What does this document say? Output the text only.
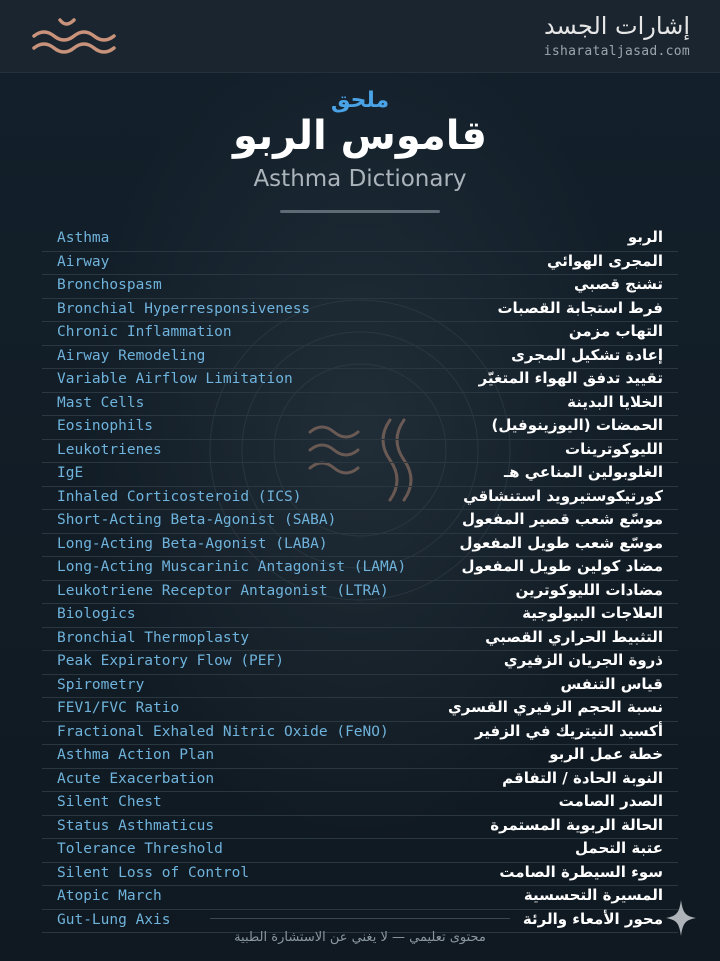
إشارات الجسد
isharataljasad.com
ملحق
قاموس الربو
Asthma Dictionary
Asthma	الربو
Airway	المجرى الهوائي
Bronchospasm	تشنج قصبي
Bronchial Hyperresponsiveness	فرط استجابة القصبات
Chronic Inflammation	التهاب مزمن
Airway Remodeling	إعادة تشكيل المجرى
Variable Airflow Limitation	تقييد تدفق الهواء المتغيّر
Mast Cells	الخلايا البدينة
Eosinophils	الحمضات (اليوزينوفيل)
Leukotrienes	الليوكوترينات
IgE	الغلوبولين المناعي هـ
Inhaled Corticosteroid (ICS)	كورتيكوستيرويد استنشاقي
Short-Acting Beta-Agonist (SABA)	موسّع شعب قصير المفعول
Long-Acting Beta-Agonist (LABA)	موسّع شعب طويل المفعول
Long-Acting Muscarinic Antagonist (LAMA)	مضاد كولين طويل المفعول
Leukotriene Receptor Antagonist (LTRA)	مضادات الليوكوترين
Biologics	العلاجات البيولوجية
Bronchial Thermoplasty	التثبيط الحراري القصبي
Peak Expiratory Flow (PEF)	ذروة الجريان الزفيري
Spirometry	قياس التنفس
FEV1/FVC Ratio	نسبة الحجم الزفيري القسري
Fractional Exhaled Nitric Oxide (FeNO)	أكسيد النيتريك في الزفير
Asthma Action Plan	خطة عمل الربو
Acute Exacerbation	النوبة الحادة / التفاقم
Silent Chest	الصدر الصامت
Status Asthmaticus	الحالة الربوية المستمرة
Tolerance Threshold	عتبة التحمل
Silent Loss of Control	سوء السيطرة الصامت
Atopic March	المسيرة التحسسية
Gut-Lung Axis	محور الأمعاء والرئة
محتوى تعليمي — لا يغني عن الاستشارة الطبية
